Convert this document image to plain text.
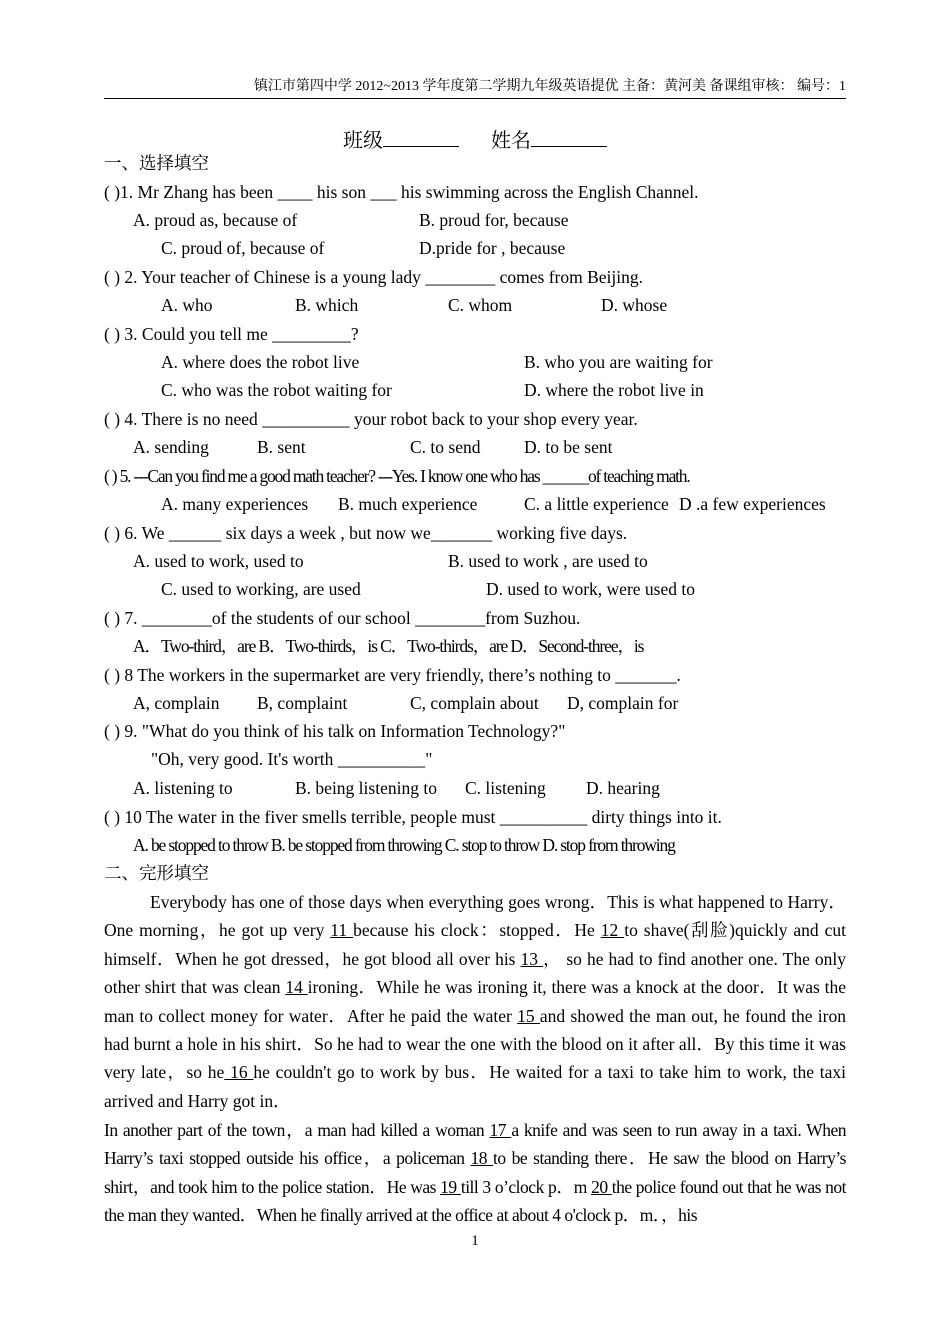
镇江市第四中学 2012~2013 学年度第二学期九年级英语提优 主备：黄河美 备课组审核： 编号：1
班级	姓名
一、选择填空
( )1. Mr Zhang has been ____ his son ___ his swimming across the English Channel.
A. proud as, because of	B. proud for, because
C. proud of, because of	D.pride for , because
( ) 2. Your teacher of Chinese is a young lady ________ comes from Beijing.
A. who	B. which	C. whom	D. whose
( ) 3. Could you tell me _________?
A. where does the robot live	B. who you are waiting for
C. who was the robot waiting for	D. where the robot live in
( ) 4. There is no need __________ your robot back to your shop every year.
A. sending	B. sent	C. to send D. to be sent
( ) 5. ---Can you find me a good math teacher? ---Yes. I know one who has ______of teaching math.
A. many experiences B. much experience	C. a little experience D .a few experiences
( ) 6. We ______ six days a week , but now we_______ working five days.
A. used to work, used to	B. used to work , are used to
C. used to working, are used	D. used to work, were used to
( ) 7. ________of the students of our school ________from Suzhou.
A．Two-third，are B．Two-thirds，is C．Two-thirds，are D．Second-three，is
( ) 8 The workers in the supermarket are very friendly, there’s nothing to _______.
A, complain B, complaint	C, complain about D, complain for
( ) 9. "What do you think of his talk on Information Technology?"
"Oh, very good. It's worth __________"
A. listening to	B. being listening to C. listening D. hearing
( ) 10 The water in the fiver smells terrible, people must __________ dirty things into it.
A. be stopped to throw B. be stopped from throwing C. stop to throw D. stop from throwing
二、完形填空
Everybody has one of those days when everything goes wrong．This is what happened to Harry．One morning，he got up very 11 because his clock：stopped．He 12 to shave(刮脸)quickly and cut himself．When he got dressed，he got blood all over his 13 ， so he had to find another one. The only other shirt that was clean 14 ironing．While he was ironing it, there was a knock at the door．It was the man to collect money for water．After he paid the water 15 and showed the man out, he found the iron had burnt a hole in his shirt．So he had to wear the one with the blood on it after all．By this time it was very late，so he 16 he couldn't go to work by bus．He waited for a taxi to take him to work, the taxi arrived and Harry got in．
In another part of the town，a man had killed a woman 17 a knife and was seen to run away in a taxi. When Harry’s taxi stopped outside his office，a policeman 18 to be standing there．He saw the blood on Harry’s shirt，and took him to the police station．He was 19 till 3 o’clock p．m 20 the police found out that he was not the man they wanted．When he finally arrived at the office at about 4 o'clock p．m．，his
1
